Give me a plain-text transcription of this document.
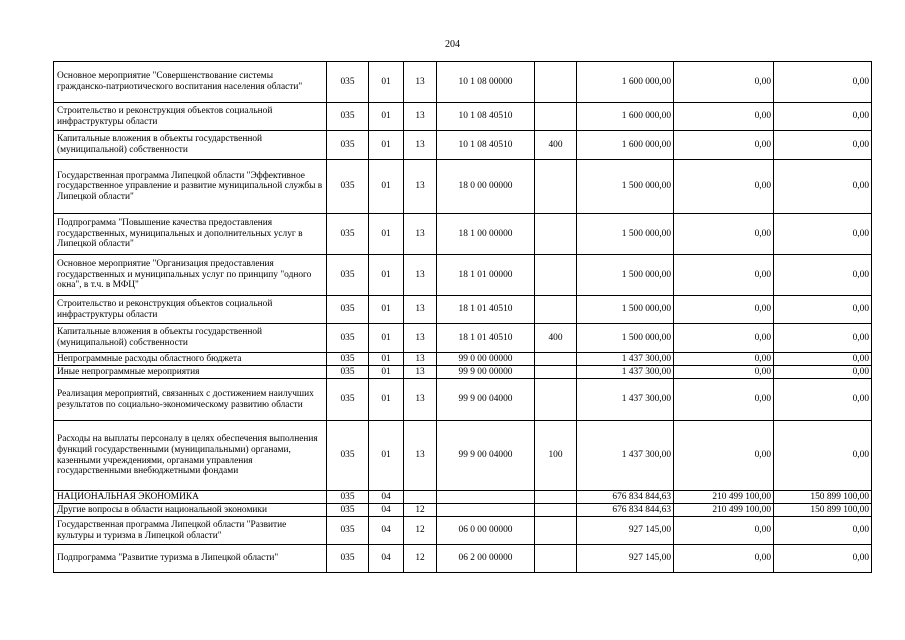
204
Основное мероприятие "Совершенствование системы гражданско-патриотического воспитания населения области"	035	01	13	10 1 08 00000		1 600 000,00	0,00	0,00
Строительство и реконструкция объектов социальной инфраструктуры области	035	01	13	10 1 08 40510		1 600 000,00	0,00	0,00
Капитальные вложения в объекты государственной (муниципальной) собственности	035	01	13	10 1 08 40510	400	1 600 000,00	0,00	0,00
Государственная программа Липецкой области "Эффективное государственное управление и развитие муниципальной службы в Липецкой области"	035	01	13	18 0 00 00000		1 500 000,00	0,00	0,00
Подпрограмма "Повышение качества предоставления государственных, муниципальных и дополнительных услуг в Липецкой области"	035	01	13	18 1 00 00000		1 500 000,00	0,00	0,00
Основное мероприятие "Организация предоставления государственных и муниципальных услуг по принципу "одного окна", в т.ч. в МФЦ"	035	01	13	18 1 01 00000		1 500 000,00	0,00	0,00
Строительство и реконструкция объектов социальной инфраструктуры области	035	01	13	18 1 01 40510		1 500 000,00	0,00	0,00
Капитальные вложения в объекты государственной (муниципальной) собственности	035	01	13	18 1 01 40510	400	1 500 000,00	0,00	0,00
Непрограммные расходы областного бюджета	035	01	13	99 0 00 00000		1 437 300,00	0,00	0,00
Иные непрограммные мероприятия	035	01	13	99 9 00 00000		1 437 300,00	0,00	0,00
Реализация мероприятий, связанных с достижением наилучших результатов по социально-экономическому развитию области	035	01	13	99 9 00 04000		1 437 300,00	0,00	0,00
Расходы на выплаты персоналу в целях обеспечения выполнения функций государственными (муниципальными) органами, казенными учреждениями, органами управления государственными внебюджетными фондами	035	01	13	99 9 00 04000	100	1 437 300,00	0,00	0,00
НАЦИОНАЛЬНАЯ ЭКОНОМИКА	035	04				676 834 844,63	210 499 100,00	150 899 100,00
Другие вопросы в области национальной экономики	035	04	12			676 834 844,63	210 499 100,00	150 899 100,00
Государственная программа Липецкой области "Развитие культуры и туризма в Липецкой области"	035	04	12	06 0 00 00000		927 145,00	0,00	0,00
Подпрограмма "Развитие туризма в Липецкой области"	035	04	12	06 2 00 00000		927 145,00	0,00	0,00
